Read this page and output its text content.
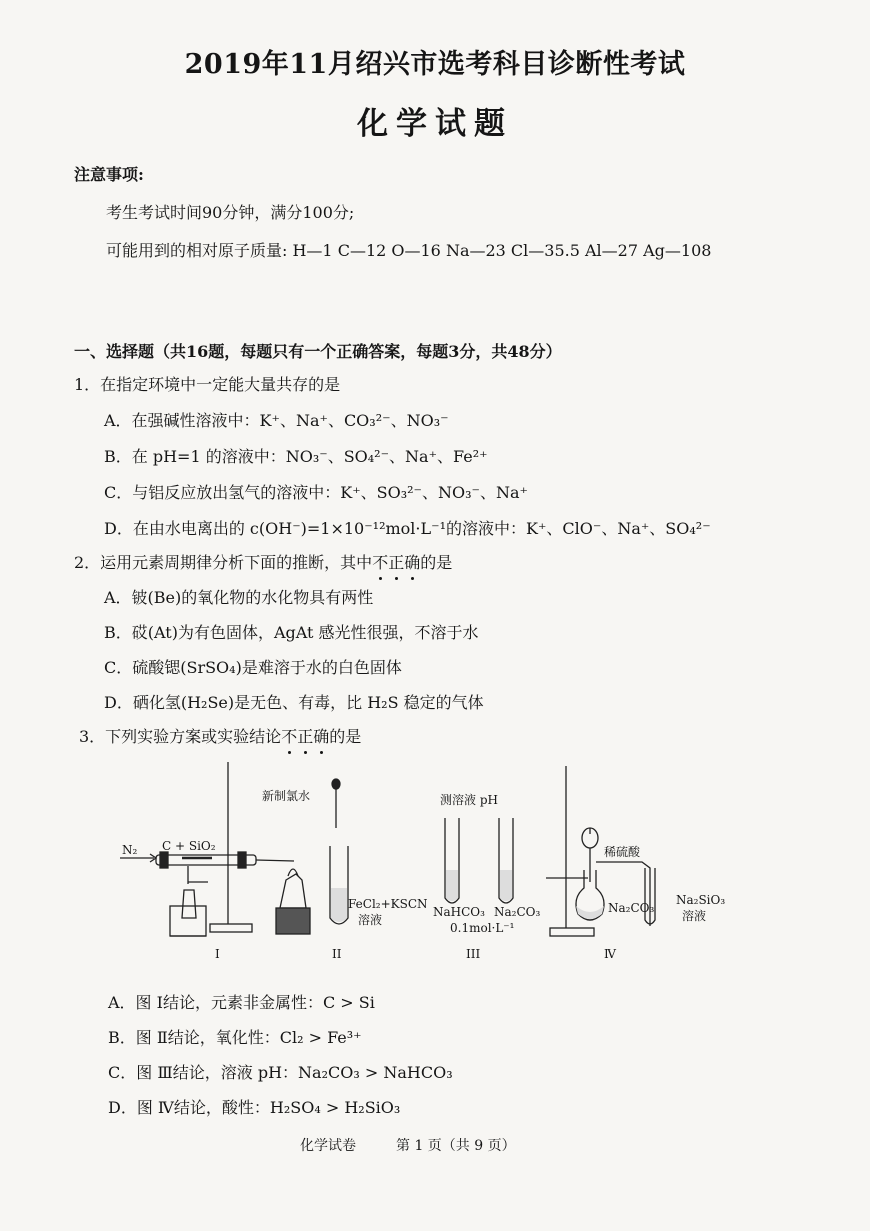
2019年11月绍兴市选考科目诊断性考试
化学试题
注意事项:
考生考试时间90分钟，满分100分;
可能用到的相对原子质量: H—1 C—12 O—16 Na—23 Cl—35.5 Al—27 Ag—108
一、选择题（共16题，每题只有一个正确答案，每题3分，共48分）
1．在指定环境中一定能大量共存的是
A．在强碱性溶液中：K⁺、Na⁺、CO₃²⁻、NO₃⁻
B．在 pH=1 的溶液中：NO₃⁻、SO₄²⁻、Na⁺、Fe²⁺
C．与铝反应放出氢气的溶液中：K⁺、SO₃²⁻、NO₃⁻、Na⁺
D．在由水电离出的 c(OH⁻)=1×10⁻¹²mol·L⁻¹的溶液中：K⁺、ClO⁻、Na⁺、SO₄²⁻
2．运用元素周期律分析下面的推断，其中不正确的是
A．铍(Be)的氧化物的水化物具有两性
B．砹(At)为有色固体，AgAt 感光性很强，不溶于水
C．硫酸锶(SrSO₄)是难溶于水的白色固体
D．硒化氢(H₂Se)是无色、有毒，比 H₂S 稳定的气体
3．下列实验方案或实验结论不正确的是
N₂ C + SiO₂
新制氯水
FeCl₂+KSCN
溶液
测溶液 pH
NaHCO₃ Na₂CO₃
0.1mol·L⁻¹
稀硫酸
Na₂CO₃
Na₂SiO₃
溶液
I	II	III	Ⅳ
A．图 Ⅰ结论，元素非金属性：C > Si
B．图 Ⅱ结论，氧化性：Cl₂ > Fe³⁺
C．图 Ⅲ结论，溶液 pH：Na₂CO₃ > NaHCO₃
D．图 Ⅳ结论，酸性：H₂SO₄ > H₂SiO₃
化学试卷	第 1 页（共 9 页）
